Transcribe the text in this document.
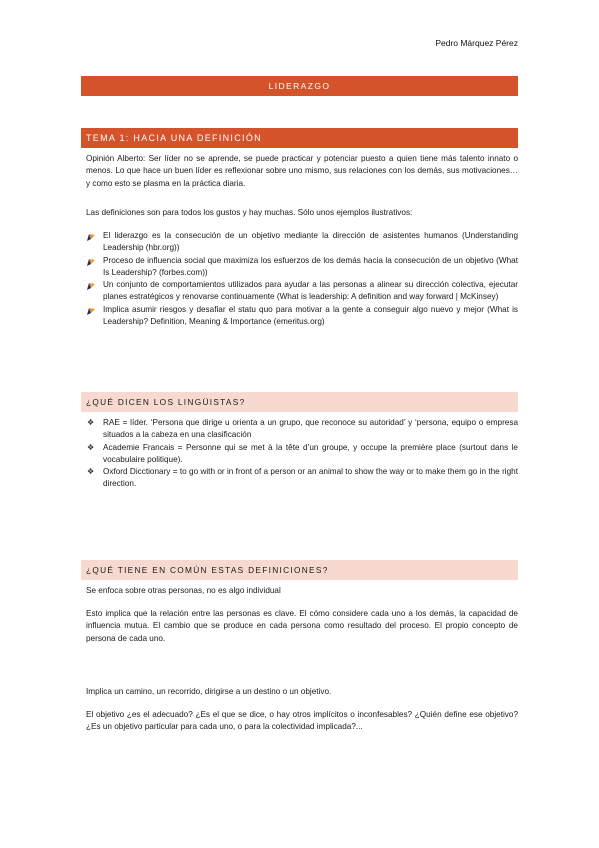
Pedro Márquez Pérez
LIDERAZGO
TEMA 1: HACIA UNA DEFINICIÓN

Opinión Alberto: Ser líder no se aprende, se puede practicar y potenciar puesto a quien tiene más talento innato o menos. Lo que hace un buen líder es reflexionar sobre uno mismo, sus relaciones con los demás, sus motivaciones… y como esto se plasma en la práctica diaria.

Las definiciones son para todos los gustos y hay muchas. Sólo unos ejemplos ilustrativos:

El liderazgo es la consecución de un objetivo mediante la dirección de asistentes humanos (Understanding Leadership (hbr.org))
Proceso de influencia social que maximiza los esfuerzos de los demás hacia la consecución de un objetivo (What Is Leadership? (forbes.com))
Un conjunto de comportamientos utilizados para ayudar a las personas a alinear su dirección colectiva, ejecutar planes estratégicos y renovarse continuamente (What is leadership: A definition and way forward | McKinsey)
Implica asumir riesgos y desafiar el statu quo para motivar a la gente a conseguir algo nuevo y mejor (What is Leadership? Definition, Meaning & Importance (emeritus.org)
¿QUÉ DICEN LOS LINGÜISTAS?
❖ RAE = líder. ‘Persona que dirige u orienta a un grupo, que reconoce su autoridad’ y ‘persona, equipo o empresa situados a la cabeza en una clasificación
❖ Academie Francais = Personne qui se met à la tête d’un groupe, y occupe la première place (surtout dans le vocabulaire politique).
❖ Oxford Dicctionary = to go with or in front of a person or an animal to show the way or to make them go in the right direction.
¿QUÉ TIENE EN COMÚN ESTAS DEFINICIONES?

Se enfoca sobre otras personas, no es algo individual

Esto implica que la relación entre las personas es clave. El cómo considere cada uno a los demás, la capacidad de influencia mutua. El cambio que se produce en cada persona como resultado del proceso. El propio concepto de persona de cada uno.

Implica un camino, un recorrido, dirigirse a un destino o un objetivo.

El objetivo ¿es el adecuado? ¿Es el que se dice, o hay otros implícitos o inconfesables? ¿Quién define ese objetivo? ¿Es un objetivo particular para cada uno, o para la colectividad implicada?...
